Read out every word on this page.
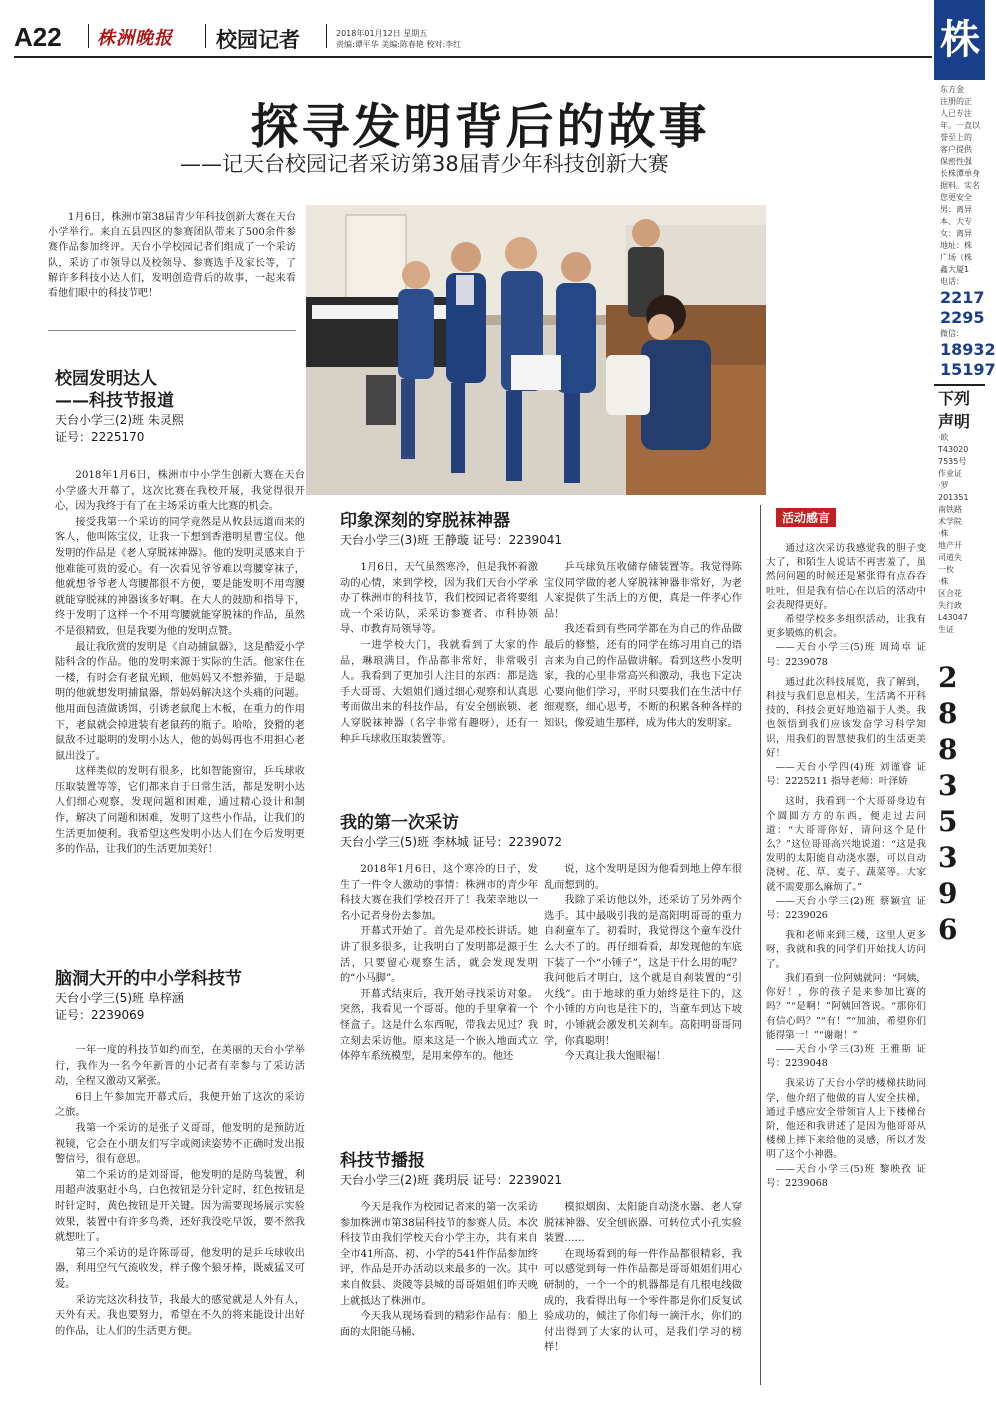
A22 株洲晚报 校园记者	2018年01月12日 星期五
责编:谭平华 美编:陈春艳 校对:李红
探寻发明背后的故事
——记天台校园记者采访第38届青少年科技创新大赛
1月6日，株洲市第38届青少年科技创新大赛在天台小学举行。来自五县四区的参赛团队带来了500余件参赛作品参加终评。天台小学校园记者们组成了一个采访队，采访了市领导以及校领导、参赛选手及家长等，了解许多科技小达人们，发明创造背后的故事，一起来看看他们眼中的科技节吧！
校园发明达人
——科技节报道
天台小学三(2)班 朱灵熙
证号：2225170

2018年1月6日，株洲市中小学生创新大赛在天台小学盛大开幕了，这次比赛在我校开展，我觉得很开心，因为我终于有了在主场采访重大比赛的机会。

接受我第一个采访的同学竟然是从攸县远道而来的客人，他叫陈宝仪，让我一下想到香港明星曹宝仪。他发明的作品是《老人穿脱袜神器》。他的发明灵感来自于他难能可贵的爱心。有一次看见爷爷难以弯腰穿袜子，他就想爷爷老人弯腰都很不方便，要是能发明不用弯腰就能穿脱袜的神器该多好啊。在大人的鼓励和指导下，终于发明了这样一个不用弯腰就能穿脱袜的作品，虽然不是很精致，但是我要为他的发明点赞。

最让我欣赏的发明是《自动捕鼠器》，这是酷爱小学陆科含的作品。他的发明来源于实际的生活。他家住在一楼，有时会有老鼠光顾，他妈妈又不想养猫，于是聪明的他就想发明捕鼠器，帮妈妈解决这个头痛的问题。他用面包渣做诱饵，引诱老鼠爬上木板，在重力的作用下，老鼠就会掉进装有老鼠药的瓶子。哈哈，狡猾的老鼠敌不过聪明的发明小达人，他的妈妈再也不用担心老鼠出没了。

这样类似的发明有很多，比如智能窗帘，乒乓球收压取装置等等，它们都来自于日常生活，都是发明小达人们细心观察，发现问题和困难，通过精心设计和制作，解决了问题和困难，发明了这些小作品，让我们的生活更加便利。我希望这些发明小达人们在今后发明更多的作品，让我们的生活更加美好！

脑洞大开的中小学科技节
天台小学三(5)班 阜梓涵
证号：2239069

一年一度的科技节如约而至，在美丽的天台小学举行，我作为一名今年新晋的小记者有幸参与了采访活动，全程又激动又紧张。

6日上午参加完开幕式后，我便开始了这次的采访之旅。

我第一个采访的是张子义哥哥，他发明的是预防近视镜，它会在小朋友们写字或阅读姿势不正确时发出报警信号，很有意思。

第二个采访的是刘哥哥，他发明的是防鸟装置，利用超声波驱赶小鸟，白色按钮是分针定时，红色按钮是时针定时，黄色按钮是开关键。因为需要现场展示实验效果，装置中有许多鸟粪，还好我没吃早饭，要不然我就想吐了。

第三个采访的是许陈哥哥，他发明的是乒乓球收出器，利用空气气流收发，样子像个狼牙棒，既威猛又可爱。

采访完这次科技节，我最大的感觉就是人外有人，天外有天。我也要努力，希望在不久的将来能设计出好的作品，让人们的生活更方便。

印象深刻的穿脱袜神器
天台小学三(3)班 王静璇 证号：2239041

1月6日，天气虽然寒冷，但是我怀着激动的心情，来到学校，因为我们天台小学承办了株洲市的科技节，我们校园记者将要组成一个采访队，采采访参赛者、市科协领导、市教育局领导等。

一进学校大门，我就看到了大家的作品，琳琅满目，作品都非常好，非常吸引人。我看到了更加引人注目的东西：都是选手大哥哥、大姐姐们通过细心观察和认真思考而做出来的科技作品，有安全刨嵌锁、老人穿脱袜神器（名字非常有趣呀），还有一种乒乓球收压取装置等。

乒乓球负压收储存储装置等。我觉得陈宝仪同学做的老人穿脱袜神器非常好，为老人家提供了生活上的方便，真是一件孝心作品！

我还看到有些同学都在为自己的作品做最后的修整，还有的同学在练习用自己的语言来为自己的作品做讲解。看到这些小发明家，我的心里非常高兴和激动，我也下定决心要向他们学习，平时只要我们在生活中仔细观察，细心思考，不断的积累各种各样的知识，像爱迪生那样，成为伟大的发明家。

我的第一次采访
天台小学三(5)班 李林城 证号：2239072

2018年1月6日，这个寒冷的日子，发生了一件令人激动的事情：株洲市的青少年科技大赛在我们学校召开了！我荣幸地以一名小记者身份去参加。

开幕式开始了。首先是邓校长讲话。她讲了很多很多，让我明白了发明都是源于生活，只要留心观察生活，就会发现发明的“小马脚”。

开幕式结束后，我开始寻找采访对象。突然，我看见一个哥哥。他的手里拿着一个怪盒子。这是什么东西呢，带我去见过？我立刻去采访他。原来这是一个嵌入地面式立体停车系统模型，是用来停车的。他还

说，这个发明是因为他看到地上停车很乱而想到的。

我除了采访他以外，还采访了另外两个选手。其中最吸引我的是高阳明哥哥的重力自刹童车了。初看时，我觉得这个童车没什么大不了的。再仔细看看，却发现他的车底下装了一个“小锤子”，这是干什么用的呢？我问他后才明白，这个就是自刹装置的“引火线”。由于地球的重力始终是往下的，这个小锤的方向也是往下的，当童车到达下坡时，小锤就会激发机关刹车。高阳明哥哥同学，你真聪明！

今天真让我大饱眼福！

科技节播报
天台小学三(2)班 龚玥辰 证号：2239021

今天是我作为校园记者来的第一次采访参加株洲市第38届科技节的参赛人员。本次科技节由我们学校天台小学主办，共有来自全市41所高、初、小学的541件作品参加终评，作品是开办活动以来最多的一次。其中来自攸县、炎陵等县城的哥哥姐姐们昨天晚上就抵达了株洲市。

今天我从现场看到的精彩作品有：船上面的太阳能马桶、

模拟烟囱、太阳能自动浇水器、老人穿脱袜神器、安全刨嵌器、可转位式小孔实验装置……

在现场看到的每一件作品都很精彩，我可以感觉到每一件作品都是哥哥姐姐们用心研制的，一个一个的机器都是有几根电线做成的，我看得出每一个零件都是你们反复试验成功的，倾注了你们每一滴汗水，你们的付出得到了大家的认可，是我们学习的榜样！

活动感言

通过这次采访我感觉我的胆子变大了，和陌生人说话不再害羞了，虽然问问题的时候还是紧张得有点吞吞吐吐，但是我有信心在以后的活动中会表现得更好。

希望学校多多组织活动，让我有更多锻炼的机会。

——天台小学三(5)班 周琦卓 证号：2239078

通过此次科技展览，我了解到，科技与我们息息相关，生活离不开科技的，科技会更好地造福于人类。我也领悟到我们应该发奋学习科学知识，用我们的智慧使我们的生活更美好！

——天台小学四(4)班 刘谨睿 证号：2225211 指导老师：叶泽娇

这时，我看到一个大哥哥身边有个圆圆方方的东西，便走过去问道：“大哥哥你好，请问这个是什么？”这位哥哥高兴地说道：“这是我发明的太阳能自动浇水器，可以自动浇树、花、草、麦子、蔬菜等。大家就不需要那么麻烦了。”

——天台小学三(2)班 蔡颖宜 证号：2239026

我和老师来到三楼，这里人更多呀，我就和我的同学们开始找人访问了。

我们看到一位阿姨就问：“阿姨，你好！，你的孩子是来参加比赛的吗？”“是啊！”阿姨回答说。“那你们有信心吗？”“有！”“加油，希望你们能得第一！”“谢谢！”

——天台小学三(3)班 王雅斯 证号：2239048

我采访了天台小学的楼梯扶助同学，他介绍了他做的盲人安全扶梯，通过手感应安全带领盲人上下楼梯台阶，他还和我讲述了是因为他哥哥从楼梯上摔下来给他的灵感，所以才发明了这个小神器。

——天台小学三(5)班 黎映孜 证号：2239068

株
东方金
注册的正
人已专注
年。一直以
誉至上的
客户提供
保密性强
长株潭单身
据料。实名
您更安全
男：离异
本、大专
女：离异
地址：株
广场（株
鑫大厦1
电话：
2217
2295
微信：
18932
15197
下列
声明
·欧
T43020
7535号
作业证
·罗
201351
南铁路
术学院
·株
地产开
司道失
一枚
·株
区合花
失行政
L43047
生证
2
8
8
3
5
3
9
6
